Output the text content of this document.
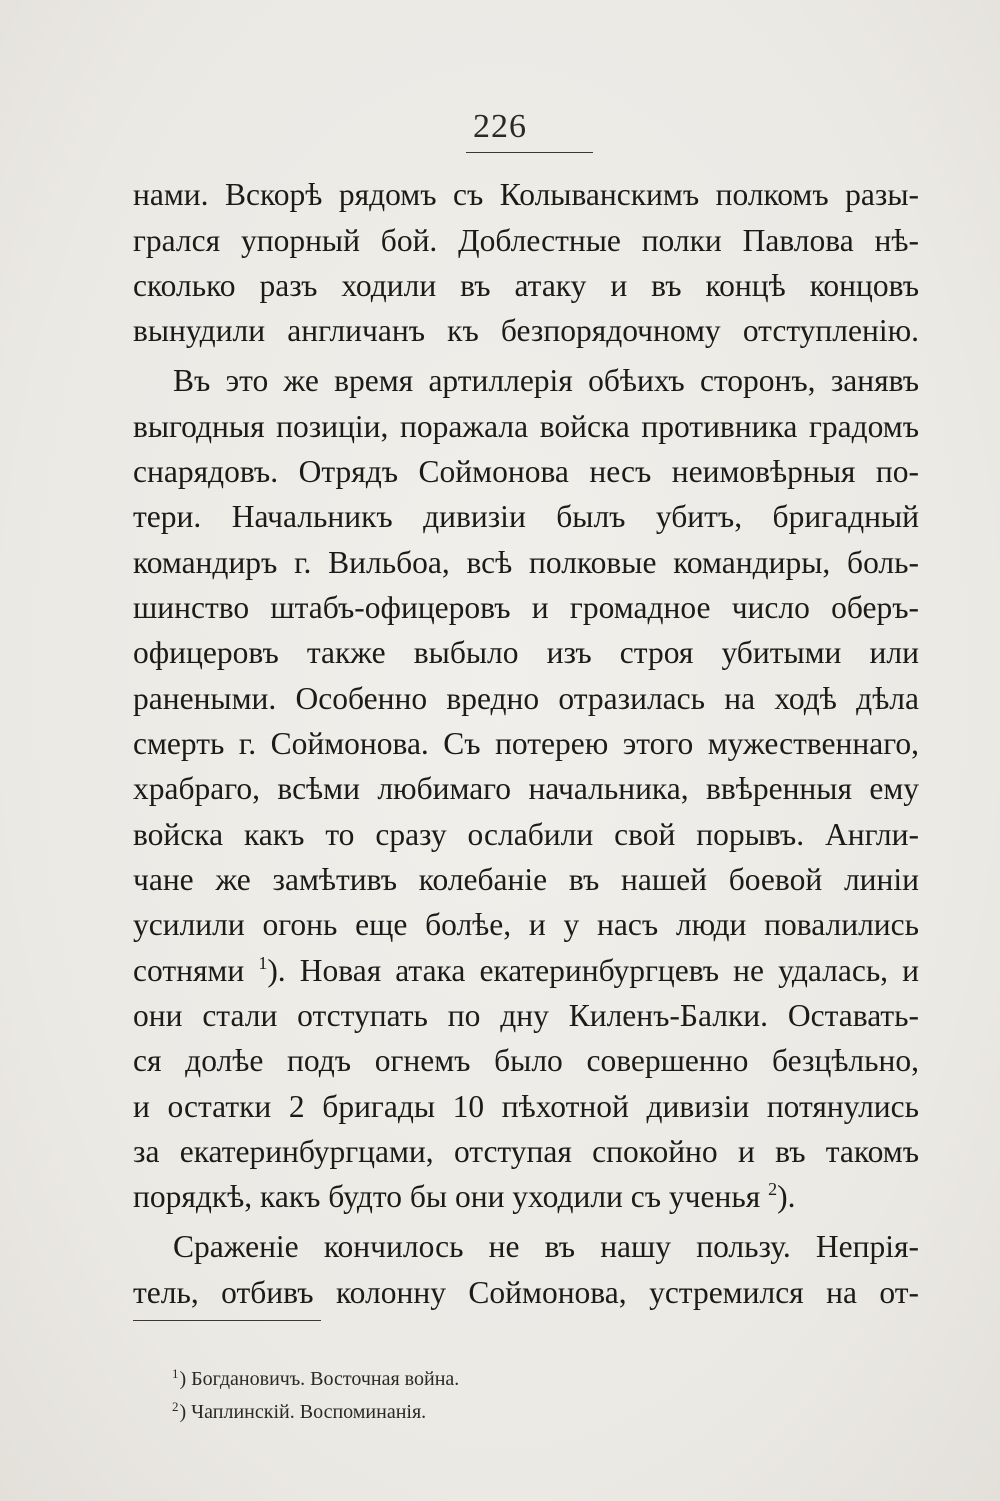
226
нами. Вскорѣ рядомъ съ Колыванскимъ полкомъ разы-
грался упорный бой. Доблестные полки Павлова нѣ-
сколько разъ ходили въ атаку и въ концѣ концовъ
вынудили англичанъ къ безпорядочному отступленію.
Въ это же время артиллерія обѣихъ сторонъ, занявъ
выгодныя позиціи, поражала войска противника градомъ
снарядовъ. Отрядъ Соймонова несъ неимовѣрныя по-
тери. Начальникъ дивизіи былъ убитъ, бригадный
командиръ г. Вильбоа, всѣ полковые командиры, боль-
шинство штабъ-офицеровъ и громадное число оберъ-
офицеровъ также выбыло изъ строя убитыми или
ранеными. Особенно вредно отразилась на ходѣ дѣла
смерть г. Соймонова. Съ потерею этого мужественнаго,
храбраго, всѣми любимаго начальника, ввѣренныя ему
войска какъ то сразу ослабили свой порывъ. Англи-
чане же замѣтивъ колебаніе въ нашей боевой линіи
усилили огонь еще болѣе, и у насъ люди повалились
сотнями $^1$). Новая атака екатеринбургцевъ не удалась, и
они стали отступать по дну Киленъ-Балки. Оставать-
ся долѣе подъ огнемъ было совершенно безцѣльно,
и остатки 2 бригады 10 пѣхотной дивизіи потянулись
за екатеринбургцами, отступая спокойно и въ такомъ
порядкѣ, какъ будто бы они уходили съ ученья $^2$).
Сраженіе кончилось не въ нашу пользу. Непрія-
тель, отбивъ колонну Соймонова, устремился на от-
$^1$) Богдановичъ. Восточная война.
$^2$) Чаплинскій. Воспоминанія.
